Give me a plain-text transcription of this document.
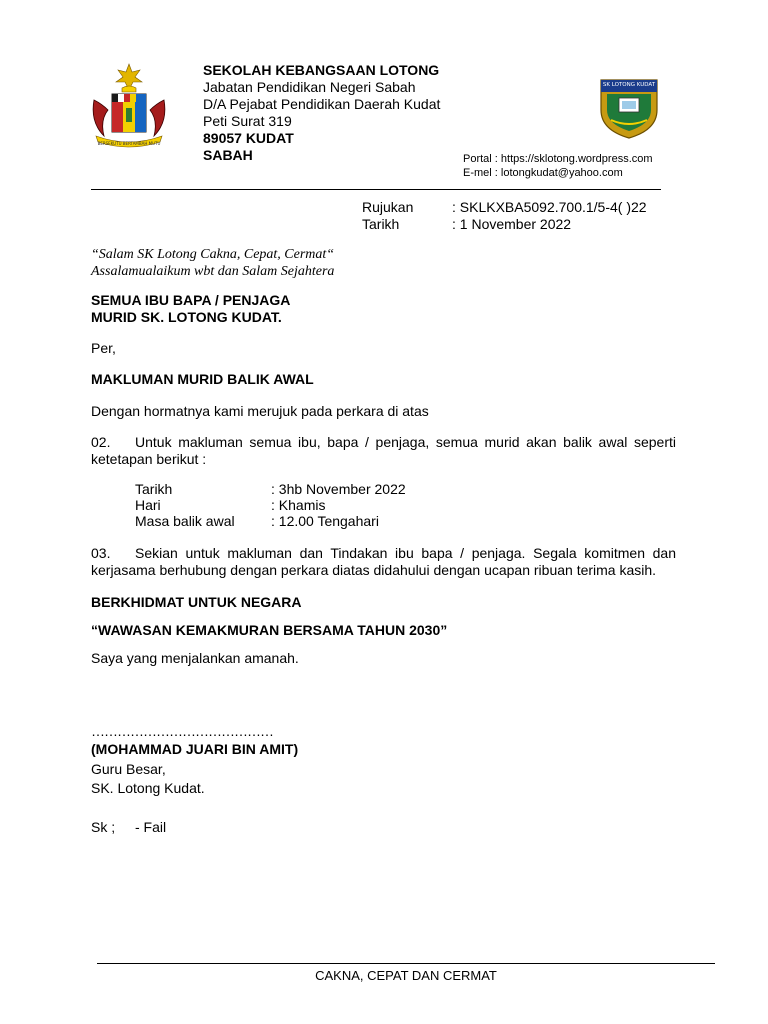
BERSEKUTU BERTAMBAH MUTU
SEKOLAH KEBANGSAAN LOTONG
Jabatan Pendidikan Negeri Sabah
D/A Pejabat Pendidikan Daerah Kudat
Peti Surat 319
89057 KUDAT
SABAH
SK LOTONG KUDAT
Portal : https://sklotong.wordpress.com
E-mel : lotongkudat@yahoo.com
Rujukan	: SKLKXBA5092.700.1/5-4( )22
Tarikh	: 1 November 2022
“Salam SK Lotong Cakna, Cepat, Cermat“
Assalamualaikum wbt dan Salam Sejahtera
SEMUA IBU BAPA / PENJAGA
MURID SK. LOTONG KUDAT.
Per,
MAKLUMAN MURID BALIK AWAL
Dengan hormatnya kami merujuk pada perkara di atas
02. Untuk makluman semua ibu, bapa / penjaga, semua murid akan balik awal seperti ketetapan berikut :
Tarikh	: 3hb November 2022
Hari	: Khamis
Masa balik awal	: 12.00 Tengahari
03. Sekian untuk makluman dan Tindakan ibu bapa / penjaga. Segala komitmen dan kerjasama berhubung dengan perkara diatas didahului dengan ucapan ribuan terima kasih.
BERKHIDMAT UNTUK NEGARA
“WAWASAN KEMAKMURAN BERSAMA TAHUN 2030”
Saya yang menjalankan amanah.
……………………………………
(MOHAMMAD JUARI BIN AMIT)
Guru Besar,
SK. Lotong Kudat.
Sk ; - Fail
CAKNA, CEPAT DAN CERMAT
